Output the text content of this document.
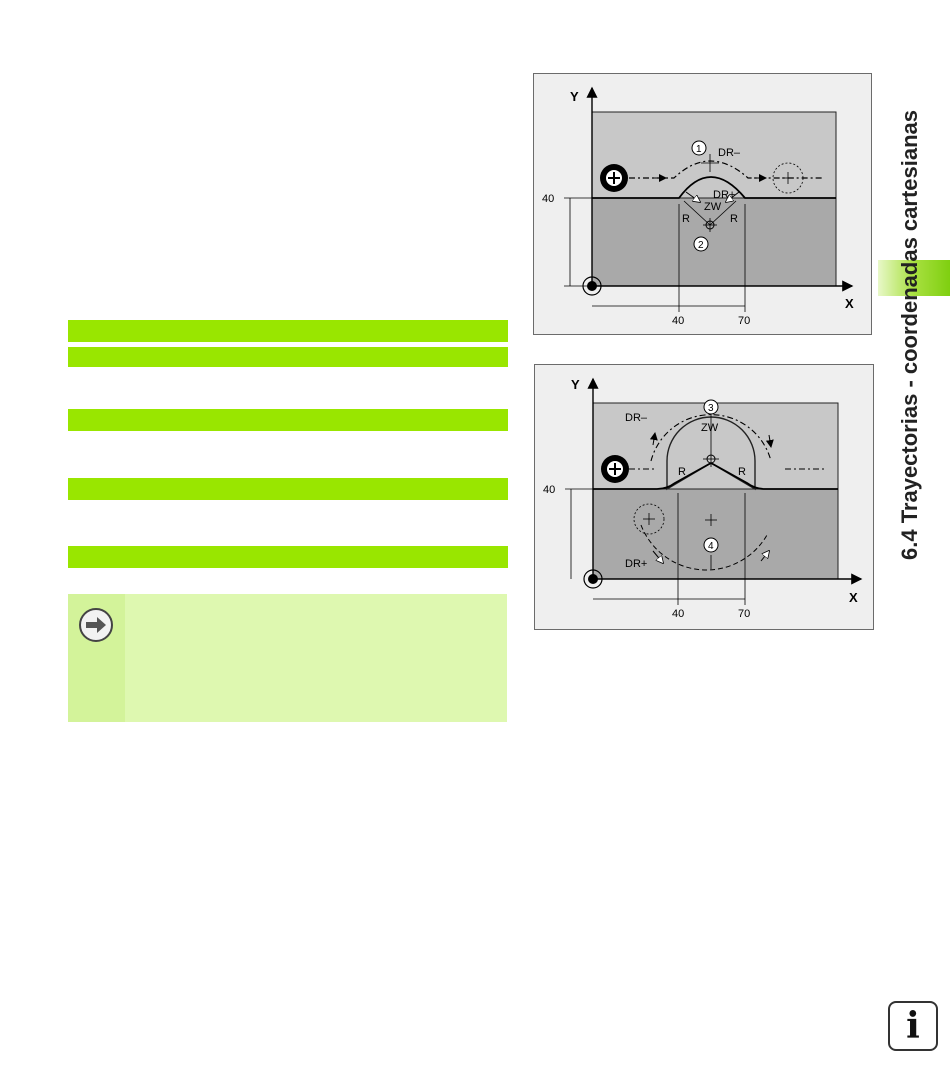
Y
X
40
40	70
DR–
DR+
ZW
R	R
1
2
Y
X
40
40	70
DR–
ZW
R	R
DR+
3
4	6.4 Trayectorias - coordenadas cartesianas
i
